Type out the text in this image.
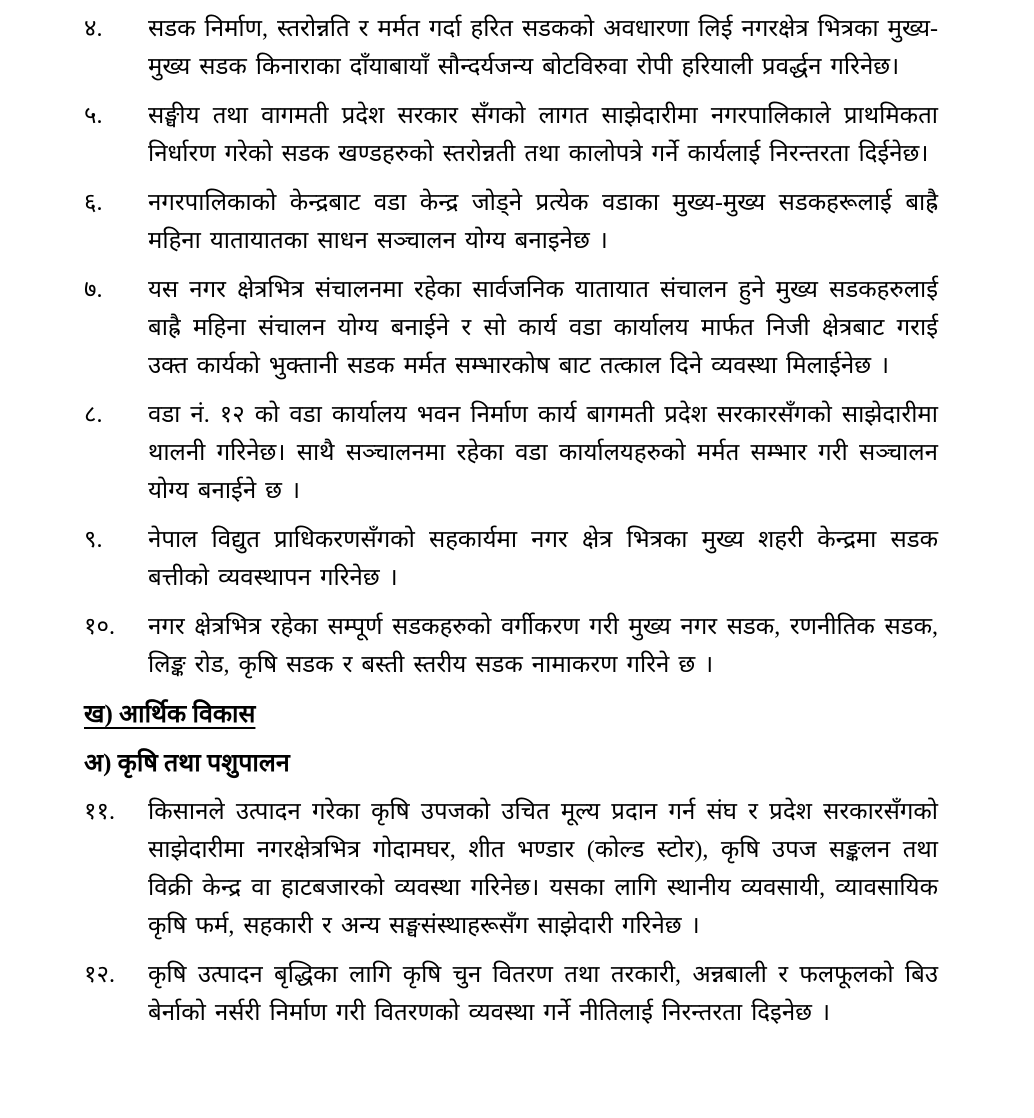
४.	सडक निर्माण, स्तरोन्नति र मर्मत गर्दा हरित सडकको अवधारणा लिई नगरक्षेत्र भित्रका मुख्य-मुख्य सडक किनाराका दाँयाबायाँ सौन्दर्यजन्य बोटविरुवा रोपी हरियाली प्रवर्द्धन गरिनेछ।
५.	सङ्घीय तथा वागमती प्रदेश सरकार सँगको लागत साझेदारीमा नगरपालिकाले प्राथमिकता निर्धारण गरेको सडक खण्डहरुको स्तरोन्नती तथा कालोपत्रे गर्ने कार्यलाई निरन्तरता दिईनेछ।
६.	नगरपालिकाको केन्द्रबाट वडा केन्द्र जोड्ने प्रत्येक वडाका मुख्य-मुख्य सडकहरूलाई बाह्रै महिना यातायातका साधन सञ्चालन योग्य बनाइनेछ ।
७.	यस नगर क्षेत्रभित्र संचालनमा रहेका सार्वजनिक यातायात संचालन हुने मुख्य सडकहरुलाई बाह्रै महिना संचालन योग्य बनाईने र सो कार्य वडा कार्यालय मार्फत निजी क्षेत्रबाट गराई उक्त कार्यको भुक्तानी सडक मर्मत सम्भारकोष बाट तत्काल दिने व्यवस्था मिलाईनेछ ।
८.	वडा नं. १२ को वडा कार्यालय भवन निर्माण कार्य बागमती प्रदेश सरकारसँगको साझेदारीमा थालनी गरिनेछ। साथै सञ्चालनमा रहेका वडा कार्यालयहरुको मर्मत सम्भार गरी सञ्चालन योग्य बनाईने छ ।
९.	नेपाल विद्युत प्राधिकरणसँगको सहकार्यमा नगर क्षेत्र भित्रका मुख्य शहरी केन्द्रमा सडक बत्तीको व्यवस्थापन गरिनेछ ।
१०.	नगर क्षेत्रभित्र रहेका सम्पूर्ण सडकहरुको वर्गीकरण गरी मुख्य नगर सडक, रणनीतिक सडक, लिङ्क रोड, कृषि सडक र बस्ती स्तरीय सडक नामाकरण गरिने छ ।
ख) आर्थिक विकास
अ) कृषि तथा पशुपालन
११.	किसानले उत्पादन गरेका कृषि उपजको उचित मूल्य प्रदान गर्न संघ र प्रदेश सरकारसँगको साझेदारीमा नगरक्षेत्रभित्र गोदामघर, शीत भण्डार (कोल्ड स्टोर), कृषि उपज सङ्कलन तथा विक्री केन्द्र वा हाटबजारको व्यवस्था गरिनेछ। यसका लागि स्थानीय व्यवसायी, व्यावसायिक कृषि फर्म, सहकारी र अन्य सङ्घसंस्थाहरूसँग साझेदारी गरिनेछ ।
१२.	कृषि उत्पादन बृद्धिका लागि कृषि चुन वितरण तथा तरकारी, अन्नबाली र फलफूलको बिउ बेर्नाको नर्सरी निर्माण गरी वितरणको व्यवस्था गर्ने नीतिलाई निरन्तरता दिइनेछ ।
